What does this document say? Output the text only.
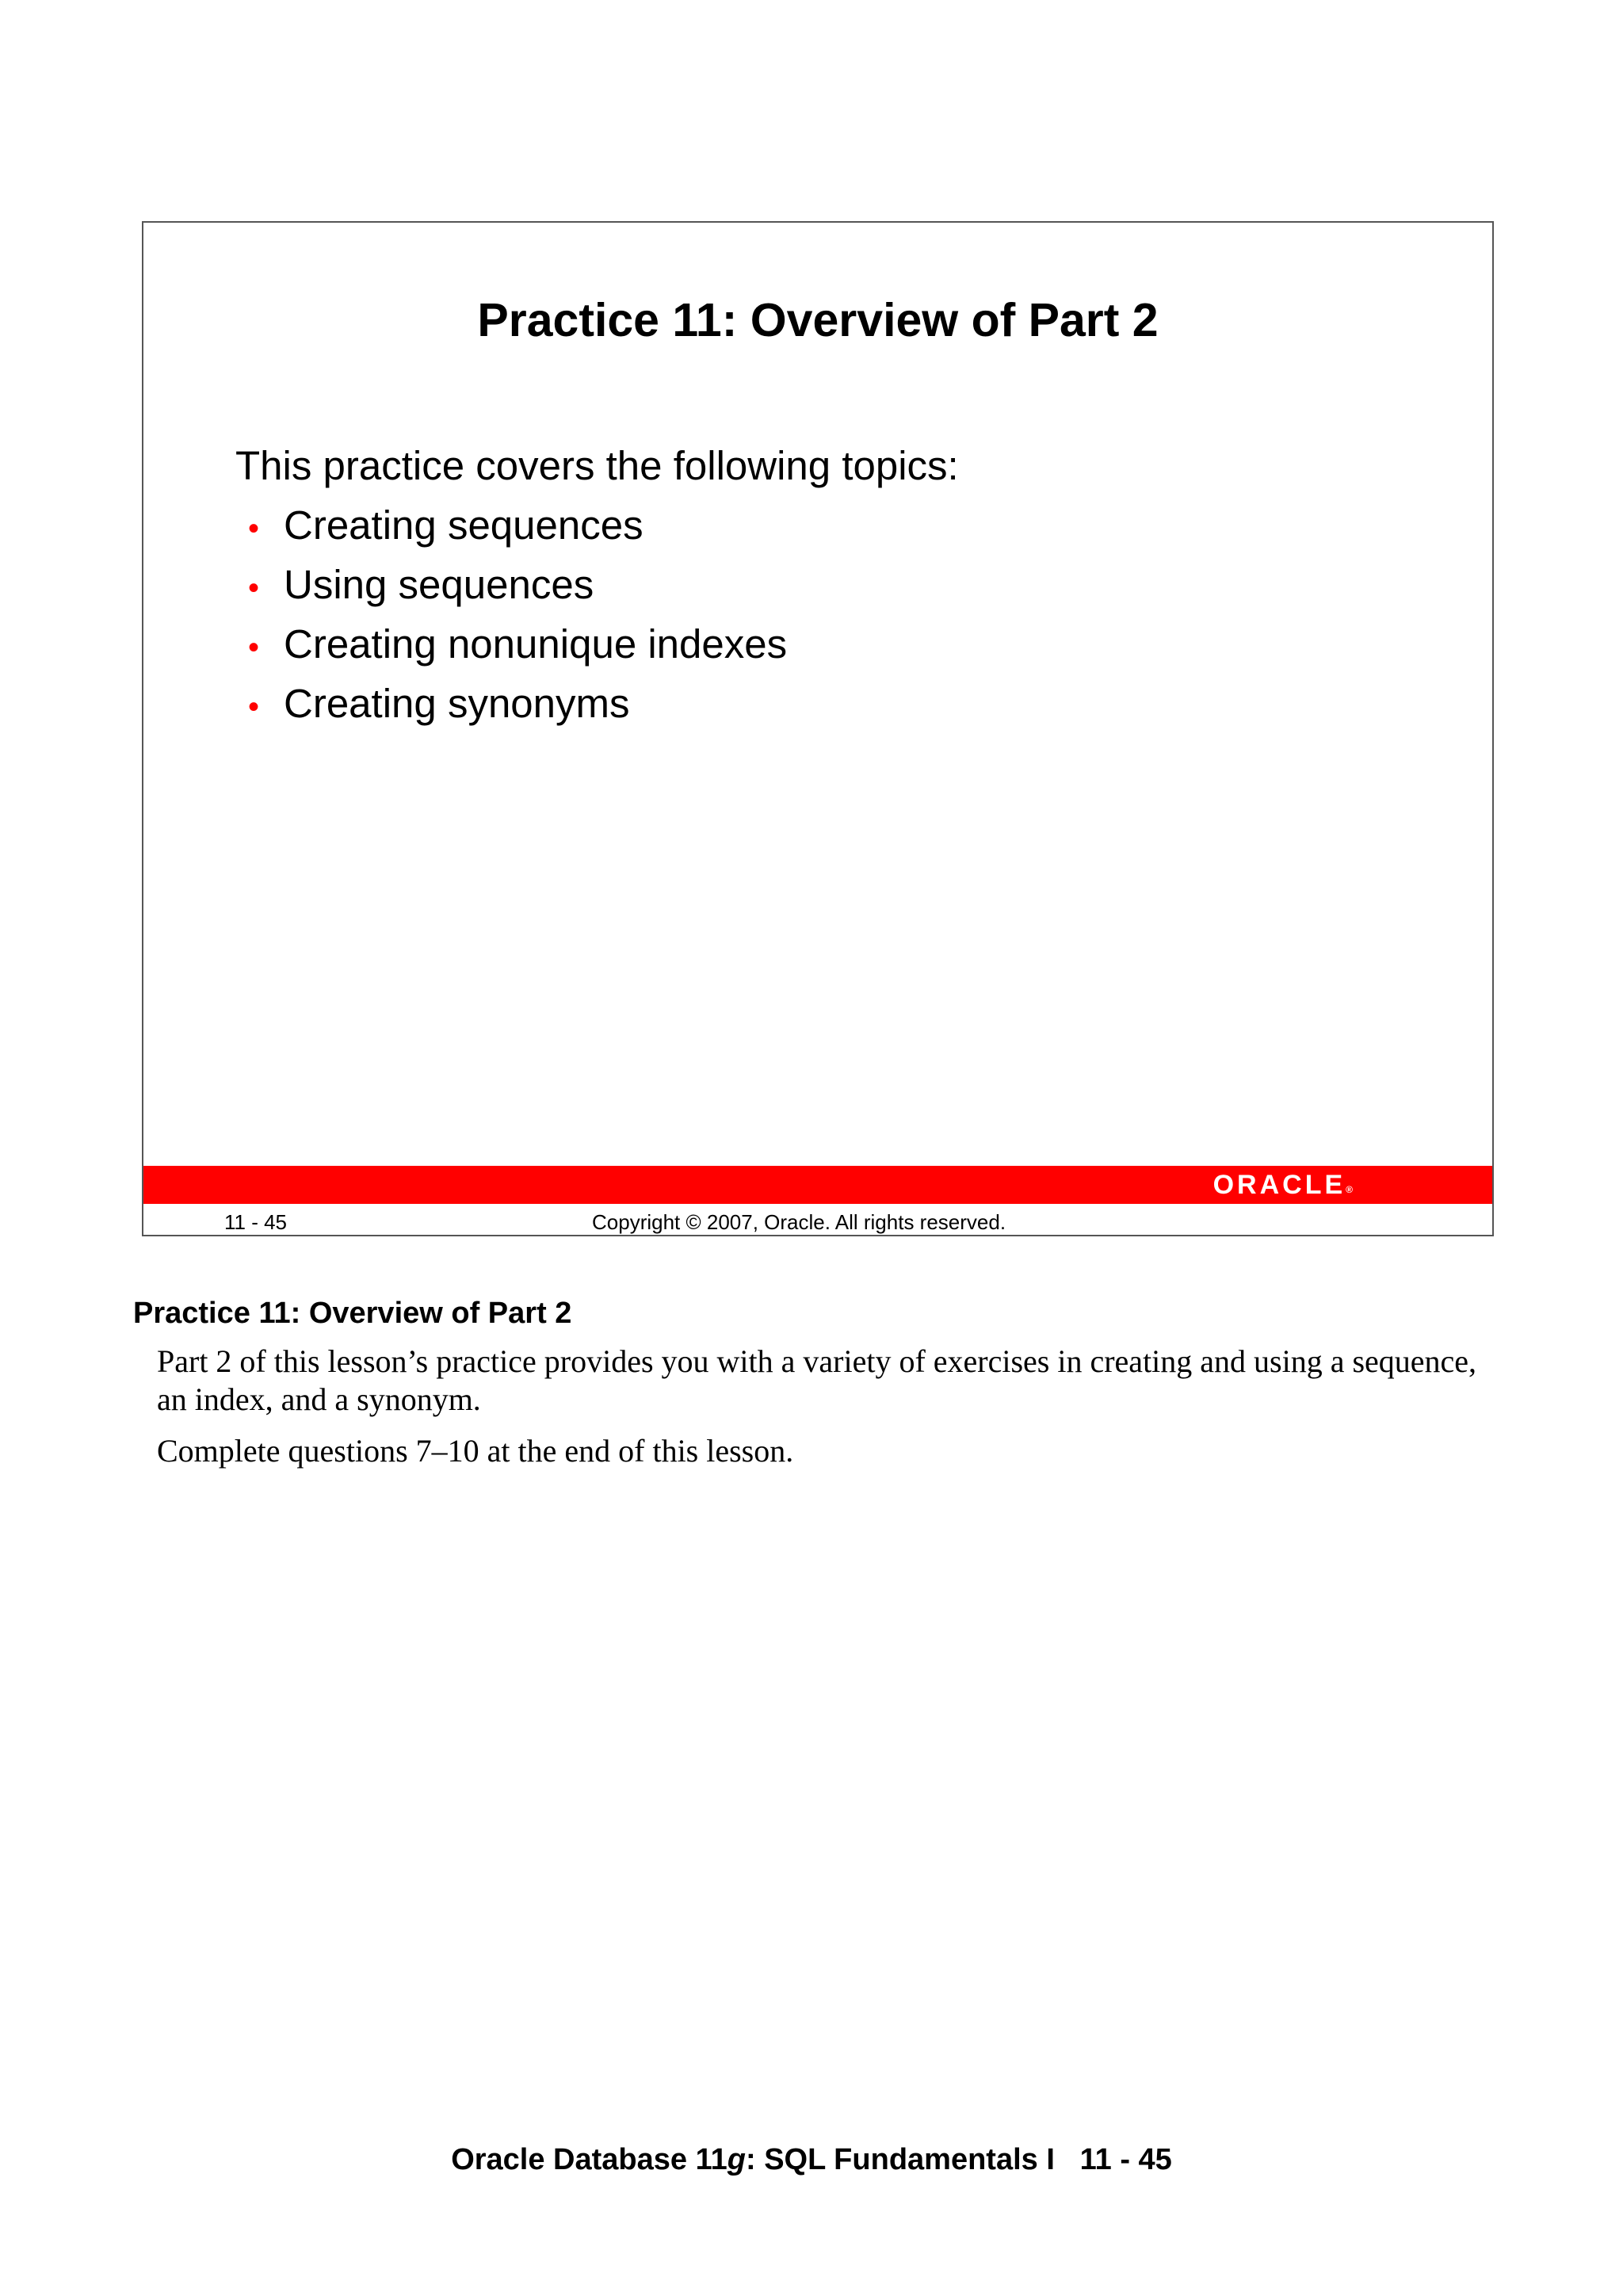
Practice 11: Overview of Part 2
This practice covers the following topics:
• Creating sequences
• Using sequences
• Creating nonunique indexes
• Creating synonyms
ORACLE®
11 - 45	Copyright © 2007, Oracle. All rights reserved.
Practice 11: Overview of Part 2

Part 2 of this lesson’s practice provides you with a variety of exercises in creating and using a sequence, an index, and a synonym.

Complete questions 7–10 at the end of this lesson.

Oracle Database 11g: SQL Fundamentals I 11 - 45
